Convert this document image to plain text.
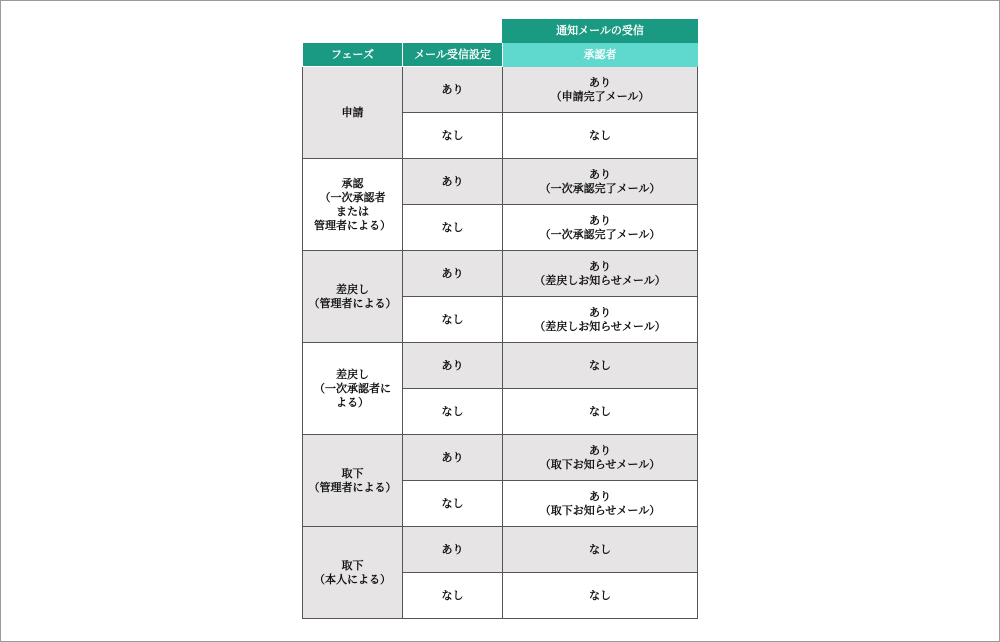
		通知メールの受信
フェーズ	メール受信設定	承認者
申請	あり	あり
（申請完了メール）
	なし	なし
承認
（一次承認者
または
管理者による）	あり	あり
（一次承認完了メール）
	なし	あり
（一次承認完了メール）
差戻し
（管理者による）	あり	あり
（差戻しお知らせメール）
	なし	あり
（差戻しお知らせメール）
差戻し
（一次承認者に
よる）	あり	なし
	なし	なし
取下
（管理者による）	あり	あり
（取下お知らせメール）
	なし	あり
（取下お知らせメール）
取下
（本人による）	あり	なし
	なし	なし
